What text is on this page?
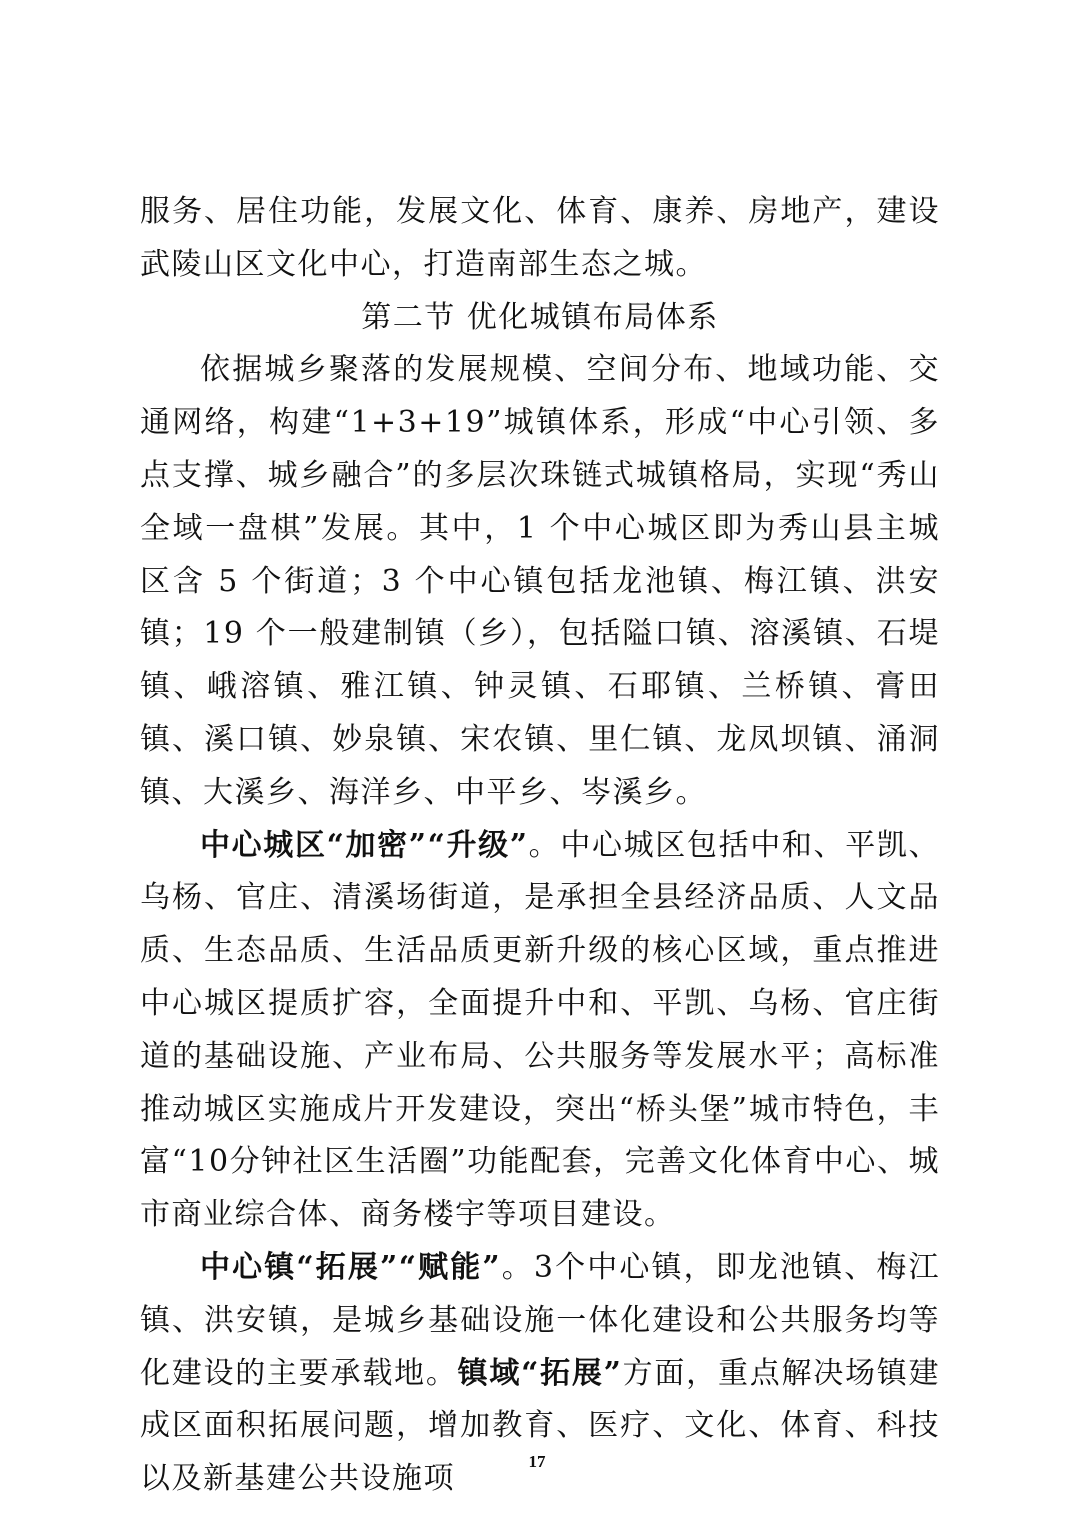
服务、居住功能，发展文化、体育、康养、房地产，建设武陵山区文化中心，打造南部生态之城。

第二节 优化城镇布局体系

依据城乡聚落的发展规模、空间分布、地域功能、交通网络，构建“1+3+19”城镇体系，形成“中心引领、多点支撑、城乡融合”的多层次珠链式城镇格局，实现“秀山全域一盘棋”发展。其中，1 个中心城区即为秀山县主城区含 5 个街道；3 个中心镇包括龙池镇、梅江镇、洪安镇；19 个一般建制镇（乡），包括隘口镇、溶溪镇、石堤镇、峨溶镇、雅江镇、钟灵镇、石耶镇、兰桥镇、膏田镇、溪口镇、妙泉镇、宋农镇、里仁镇、龙凤坝镇、涌洞镇、大溪乡、海洋乡、中平乡、岑溪乡。

中心城区“加密”“升级”。中心城区包括中和、平凯、乌杨、官庄、清溪场街道，是承担全县经济品质、人文品质、生态品质、生活品质更新升级的核心区域，重点推进中心城区提质扩容，全面提升中和、平凯、乌杨、官庄街道的基础设施、产业布局、公共服务等发展水平；高标准推动城区实施成片开发建设，突出“桥头堡”城市特色，丰富“10分钟社区生活圈”功能配套，完善文化体育中心、城市商业综合体、商务楼宇等项目建设。

中心镇“拓展”“赋能”。3个中心镇，即龙池镇、梅江镇、洪安镇，是城乡基础设施一体化建设和公共服务均等化建设的主要承载地。镇域“拓展”方面，重点解决场镇建成区面积拓展问题，增加教育、医疗、文化、体育、科技以及新基建公共设施项	17
